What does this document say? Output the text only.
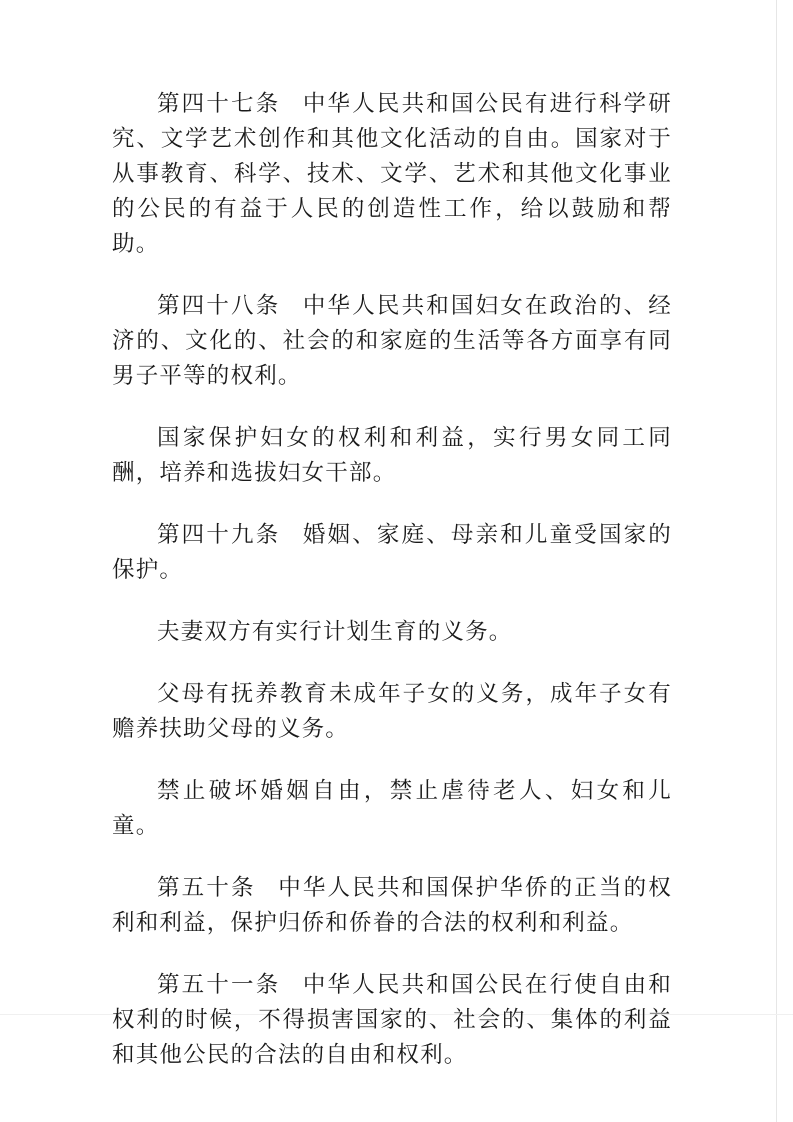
第四十七条 中华人民共和国公民有进行科学研究、文学艺术创作和其他文化活动的自由。国家对于从事教育、科学、技术、文学、艺术和其他文化事业的公民的有益于人民的创造性工作，给以鼓励和帮助。

第四十八条 中华人民共和国妇女在政治的、经济的、文化的、社会的和家庭的生活等各方面享有同男子平等的权利。

国家保护妇女的权利和利益，实行男女同工同酬，培养和选拔妇女干部。

第四十九条 婚姻、家庭、母亲和儿童受国家的保护。

夫妻双方有实行计划生育的义务。

父母有抚养教育未成年子女的义务，成年子女有赡养扶助父母的义务。

禁止破坏婚姻自由，禁止虐待老人、妇女和儿童。

第五十条 中华人民共和国保护华侨的正当的权利和利益，保护归侨和侨眷的合法的权利和利益。

第五十一条 中华人民共和国公民在行使自由和权利的时候，不得损害国家的、社会的、集体的利益和其他公民的合法的自由和权利。
